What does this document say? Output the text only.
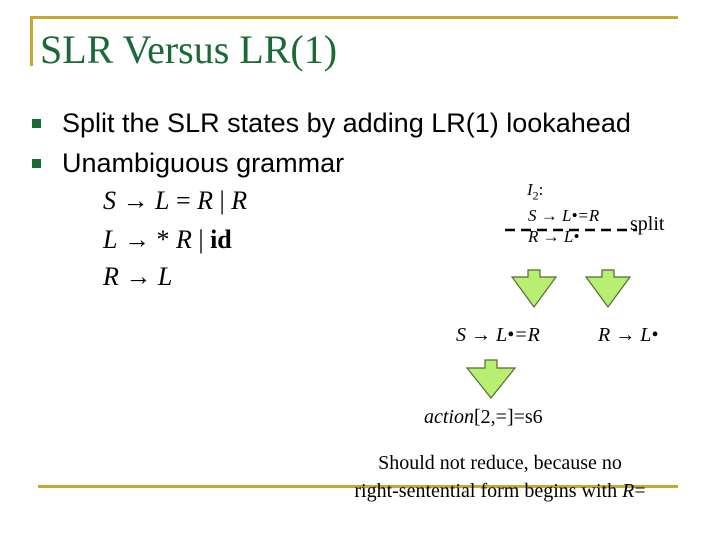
SLR Versus LR(1)
Split the SLR states by adding LR(1) lookahead
Unambiguous grammar
S → L = R | R
L → * R | id
R → L
$I_2$:
S → L•=R
R → L•
split
S → L•=R	R → L•
action[2,=]=s6
Should not reduce, because no
right-sentential form begins with R=
